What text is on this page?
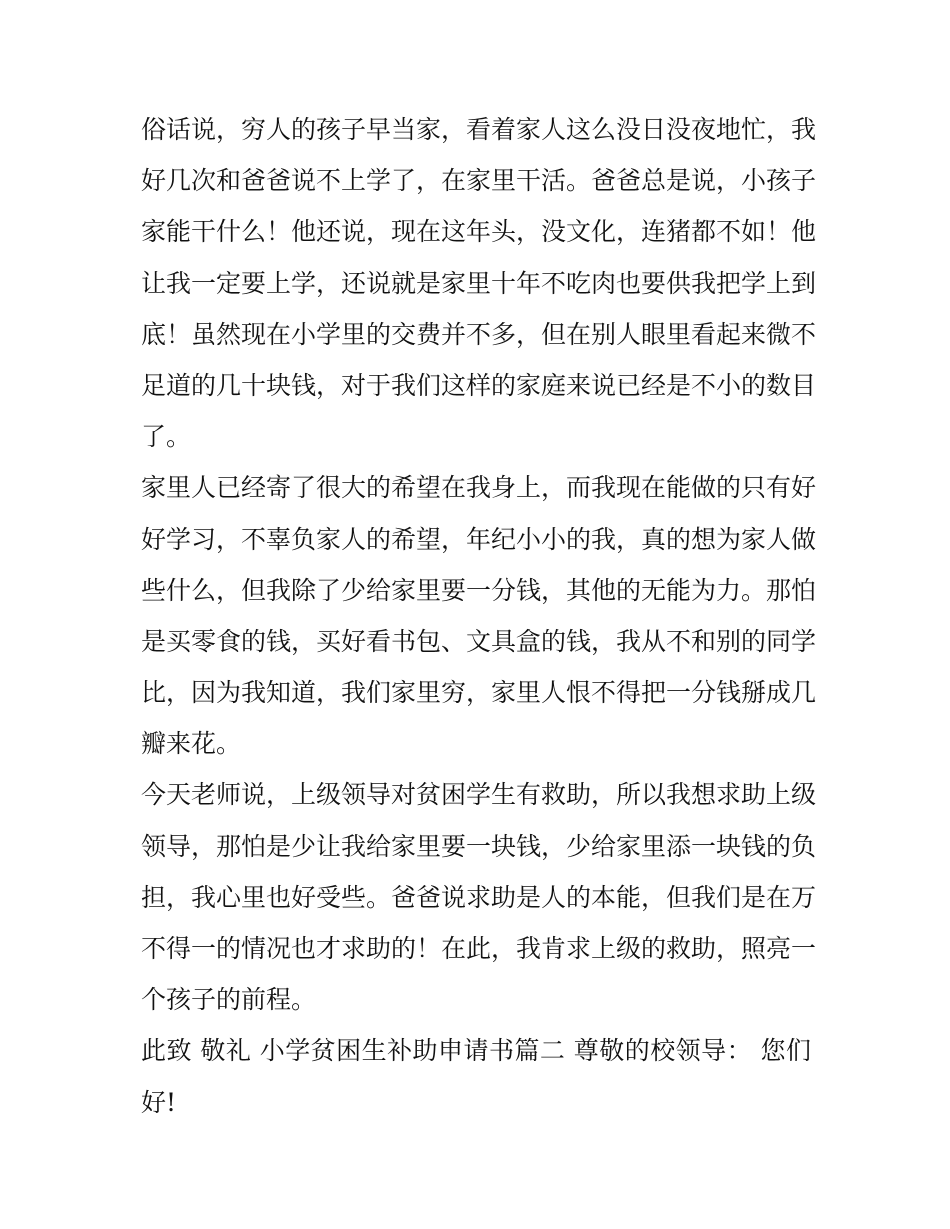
俗话说，穷人的孩子早当家，看着家人这么没日没夜地忙，我
好几次和爸爸说不上学了，在家里干活。爸爸总是说，小孩子
家能干什么！他还说，现在这年头，没文化，连猪都不如！他
让我一定要上学，还说就是家里十年不吃肉也要供我把学上到
底！虽然现在小学里的交费并不多，但在别人眼里看起来微不
足道的几十块钱，对于我们这样的家庭来说已经是不小的数目
了。
家里人已经寄了很大的希望在我身上，而我现在能做的只有好
好学习，不辜负家人的希望，年纪小小的我，真的想为家人做
些什么，但我除了少给家里要一分钱，其他的无能为力。那怕
是买零食的钱，买好看书包、文具盒的钱，我从不和别的同学
比，因为我知道，我们家里穷，家里人恨不得把一分钱掰成几
瓣来花。
今天老师说，上级领导对贫困学生有救助，所以我想求助上级
领导，那怕是少让我给家里要一块钱，少给家里添一块钱的负
担，我心里也好受些。爸爸说求助是人的本能，但我们是在万
不得一的情况也才求助的！在此，我肯求上级的救助，照亮一
个孩子的前程。
此致 敬礼 小学贫困生补助申请书篇二 尊敬的校领导： 您们
好!
